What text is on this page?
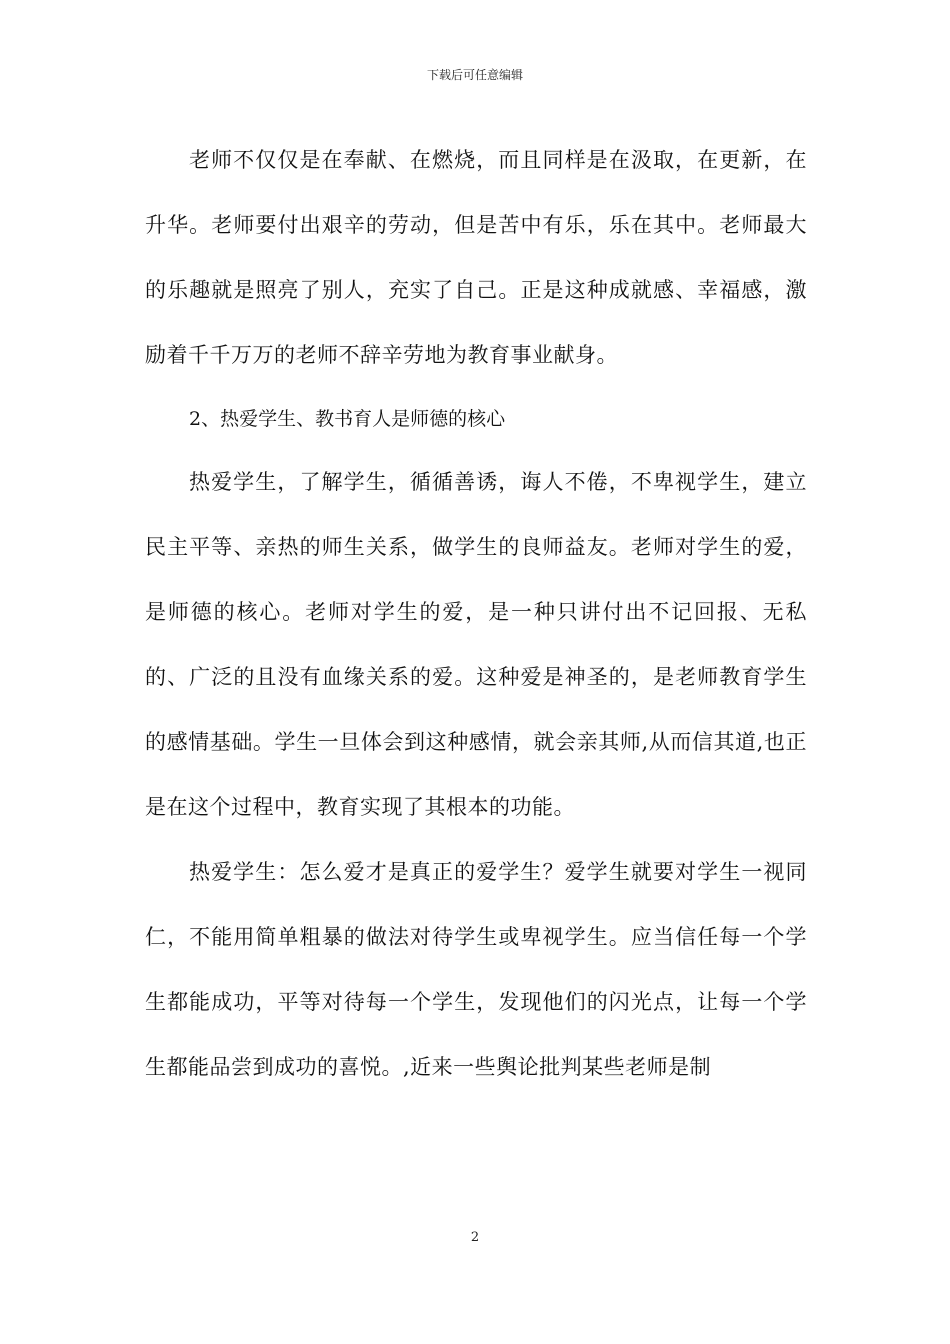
下载后可任意编辑

老师不仅仅是在奉献、在燃烧，而且同样是在汲取，在更新，在升华。老师要付出艰辛的劳动，但是苦中有乐，乐在其中。老师最大的乐趣就是照亮了别人，充实了自己。正是这种成就感、幸福感，激励着千千万万的老师不辞辛劳地为教育事业献身。

2、热爱学生、教书育人是师德的核心

热爱学生，了解学生，循循善诱，诲人不倦，不卑视学生，建立民主平等、亲热的师生关系，做学生的良师益友。老师对学生的爱，是师德的核心。老师对学生的爱，是一种只讲付出不记回报、无私的、广泛的且没有血缘关系的爱。这种爱是神圣的，是老师教育学生的感情基础。学生一旦体会到这种感情，就会亲其师,从而信其道,也正是在这个过程中，教育实现了其根本的功能。

热爱学生：怎么爱才是真正的爱学生？爱学生就要对学生一视同仁，不能用简单粗暴的做法对待学生或卑视学生。应当信任每一个学生都能成功，平等对待每一个学生，发现他们的闪光点，让每一个学生都能品尝到成功的喜悦。,近来一些舆论批判某些老师是制

2
